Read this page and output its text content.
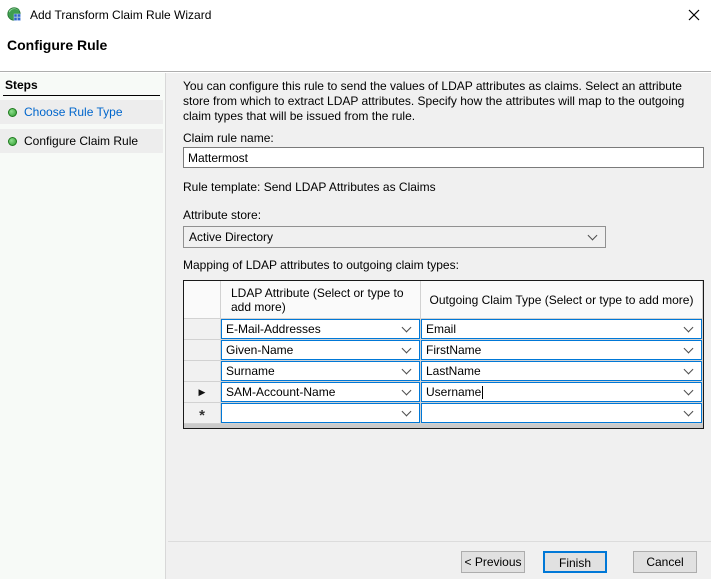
Add Transform Claim Rule Wizard
Configure Rule
Steps
Choose Rule Type
Configure Claim Rule
You can configure this rule to send the values of LDAP attributes as claims. Select an attribute store from which to extract LDAP attributes. Specify how the attributes will map to the outgoing claim types that will be issued from the rule.
Claim rule name:
Mattermost
Rule template: Send LDAP Attributes as Claims
Attribute store:
Active Directory
Mapping of LDAP attributes to outgoing claim types:
LDAP Attribute (Select or type to add more)	Outgoing Claim Type (Select or type to add more)
E-Mail-Addresses	Email
Given-Name	FirstName
Surname	LastName
▶ SAM-Account-Name	Username
*
< Previous	Finish	Cancel
